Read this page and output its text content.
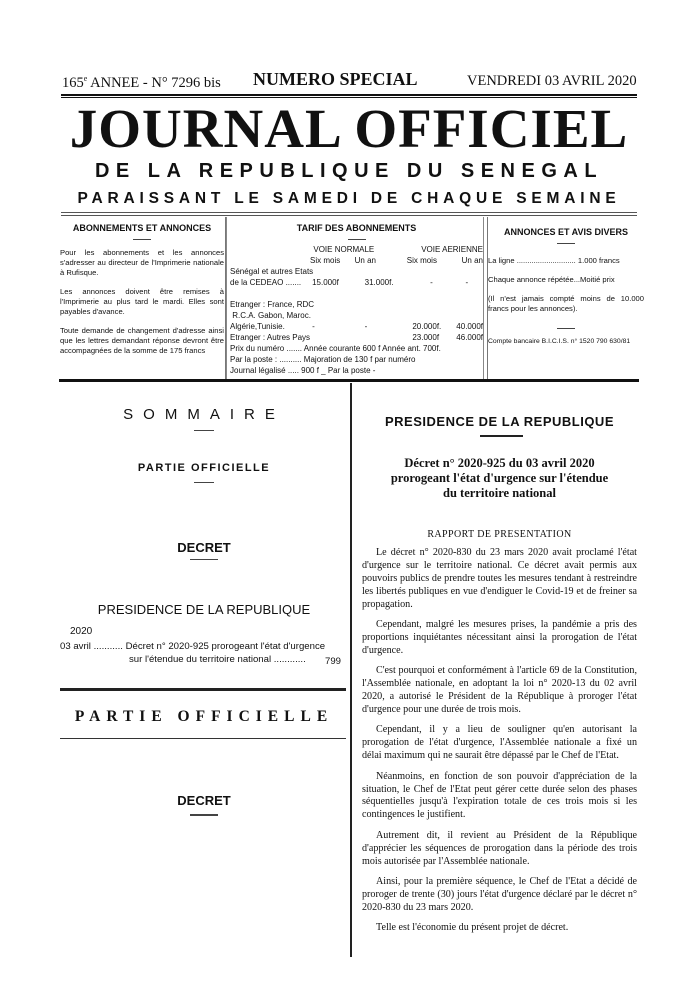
165e ANNEE - N° 7296 bis NUMERO SPECIAL	VENDREDI 03 AVRIL 2020
JOURNAL OFFICIEL
DE LA REPUBLIQUE DU SENEGAL
PARAISSANT LE SAMEDI DE CHAQUE SEMAINE
ABONNEMENTS ET ANNONCES

Pour les abonnements et les annonces s'adresser au directeur de l'Imprimerie nationale à Rufisque.

Les annonces doivent être remises à l'Imprimerie au plus tard le mardi. Elles sont payables d'avance.

Toute demande de changement d'adresse ainsi que les lettres demandant réponse devront être accompagnées de la somme de 175 francs

TARIF DES ABONNEMENTS
VOIE NORMALE	VOIE AERIENNE
Six mois	Un an	Six mois	Un an
Sénégal et autres Etats
de la CEDEAO .......	15.000f	31.000f.	-	-

Etranger : France, RDC
R.C.A. Gabon, Maroc.
Algérie,Tunisie.	-	-	20.000f.	40.000f
Etranger : Autres Pays	23.000f	46.000f
Prix du numéro ....... Année courante 600 f Année ant. 700f.
Par la poste : .......... Majoration de 130 f par numéro
Journal légalisé ..... 900 f _ Par la poste -
ANNONCES ET AVIS DIVERS

La ligne ............................ 1.000 francs

Chaque annonce répétée...Moitié prix

(Il n'est jamais compté moins de 10.000 francs pour les annonces).

Compte bancaire B.I.C.I.S. n° 1520 790 630/81

SOMMAIRE
PARTIE OFFICIELLE
DECRET
PRESIDENCE DE LA REPUBLIQUE
2020
03 avril ........... Décret n° 2020-925 prorogeant l'état d'urgence
sur l'étendue du territoire national ............ 799
PARTIE OFFICIELLE
DECRET
PRESIDENCE DE LA REPUBLIQUE
Décret n° 2020-925 du 03 avril 2020
prorogeant l'état d'urgence sur l'étendue
du territoire national
RAPPORT DE PRESENTATION

Le décret n° 2020-830 du 23 mars 2020 avait proclamé l'état d'urgence sur le territoire national. Ce décret avait permis aux pouvoirs publics de prendre toutes les mesures tendant à restreindre les libertés publiques en vue d'endiguer le Covid-19 et de freiner sa propagation.

Cependant, malgré les mesures prises, la pandémie a pris des proportions inquiétantes nécessitant ainsi la prorogation de l'état d'urgence.

C'est pourquoi et conformément à l'article 69 de la Constitution, l'Assemblée nationale, en adoptant la loi n° 2020-13 du 02 avril 2020, a autorisé le Président de la République à proroger l'état d'urgence pour une durée de trois mois.

Cependant, il y a lieu de souligner qu'en autorisant la prorogation de l'état d'urgence, l'Assemblée nationale a fixé un délai maximum qui ne saurait être dépassé par le Chef de l'Etat.

Néanmoins, en fonction de son pouvoir d'appréciation de la situation, le Chef de l'Etat peut gérer cette durée selon des phases séquentielles jusqu'à l'expiration totale de ces trois mois si les contingences le justifient.

Autrement dit, il revient au Président de la République d'apprécier les séquences de prorogation dans la période des trois mois autorisée par l'Assemblée nationale.

Ainsi, pour la première séquence, le Chef de l'Etat a décidé de proroger de trente (30) jours l'état d'urgence déclaré par le décret n° 2020-830 du 23 mars 2020.

Telle est l'économie du présent projet de décret.
